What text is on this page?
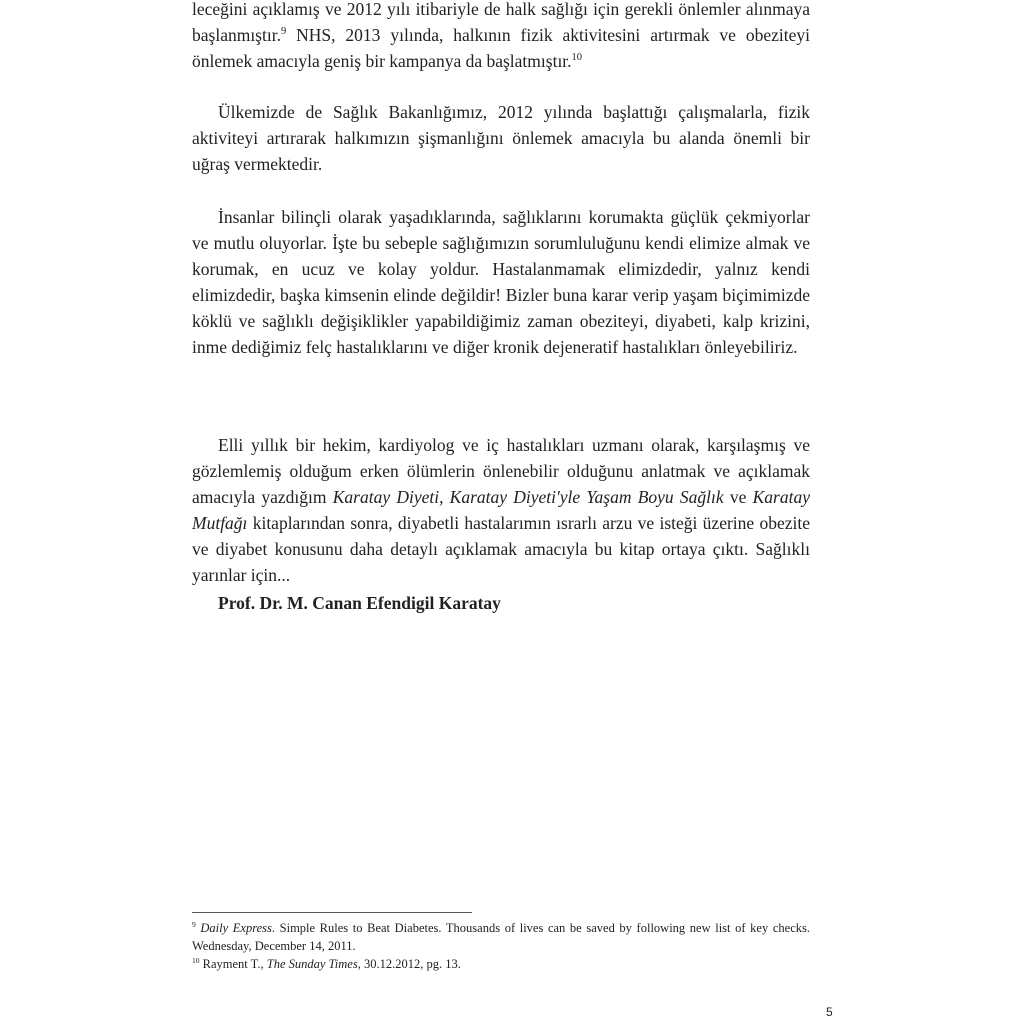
leceğini açıklamış ve 2012 yılı itibariyle de halk sağlığı için gerekli önlemler alınmaya başlanmıştır.$^9$ NHS, 2013 yılında, halkının fizik aktivitesini artırmak ve obeziteyi önlemek amacıyla geniş bir kampanya da başlatmıştır.$^{10}$

Ülkemizde de Sağlık Bakanlığımız, 2012 yılında başlattığı çalışmalarla, fizik aktiviteyi artırarak halkımızın şişmanlığını önlemek amacıyla bu alanda önemli bir uğraş vermektedir.

İnsanlar bilinçli olarak yaşadıklarında, sağlıklarını korumakta güçlük çekmiyorlar ve mutlu oluyorlar. İşte bu sebeple sağlığımızın sorumluluğunu kendi elimize almak ve korumak, en ucuz ve kolay yoldur. Hastalanmamak elimizdedir, yalnız kendi elimizdedir, başka kimsenin elinde değildir! Bizler buna karar verip yaşam biçimimizde köklü ve sağlıklı değişiklikler yapabildiğimiz zaman obeziteyi, diyabeti, kalp krizini, inme dediğimiz felç hastalıklarını ve diğer kronik dejeneratif hastalıkları önleyebiliriz.

Elli yıllık bir hekim, kardiyolog ve iç hastalıkları uzmanı olarak, karşılaşmış ve gözlemlemiş olduğum erken ölümlerin önlenebilir olduğunu anlatmak ve açıklamak amacıyla yazdığım Karatay Diyeti, Karatay Diyeti'yle Yaşam Boyu Sağlık ve Karatay Mutfağı kitaplarından sonra, diyabetli hastalarımın ısrarlı arzu ve isteği üzerine obezite ve diyabet konusunu daha detaylı açıklamak amacıyla bu kitap ortaya çıktı. Sağlıklı yarınlar için...

Prof. Dr. M. Canan Efendigil Karatay

$^9$ Daily Express. Simple Rules to Beat Diabetes. Thousands of lives can be saved by following new list of key checks. Wednesday, December 14, 2011.

$^{10}$ Rayment T., The Sunday Times, 30.12.2012, pg. 13.

5
